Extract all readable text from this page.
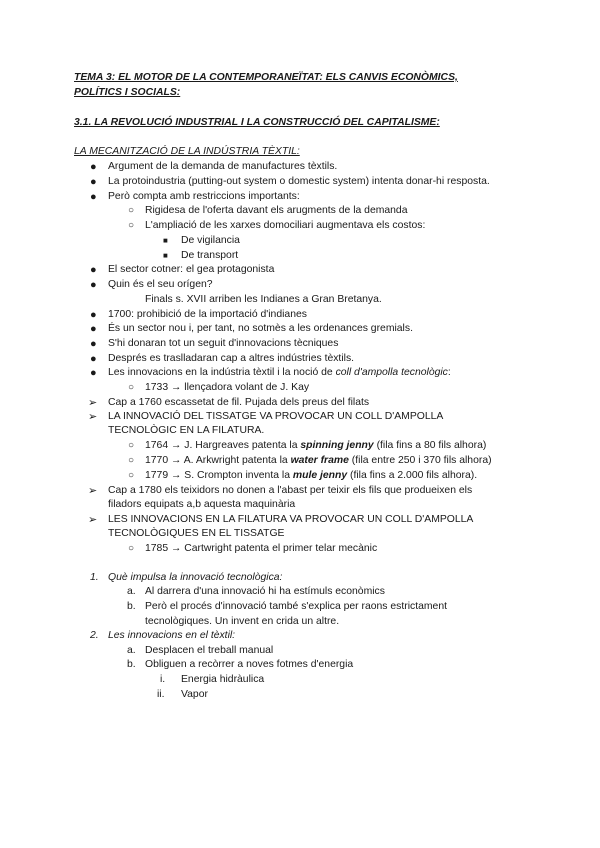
TEMA 3: EL MOTOR DE LA CONTEMPORANEÏTAT: ELS CANVIS ECONÒMICS,
POLÍTICS I SOCIALS:
3.1. LA REVOLUCIÓ INDUSTRIAL I LA CONSTRUCCIÓ DEL CAPITALISME:
LA MECANITZACIÓ DE LA INDÚSTRIA TÈXTIL:
● Argument de la demanda de manufactures tèxtils.
● La protoindustria (putting-out system o domestic system) intenta donar-hi resposta.
● Però compta amb restriccions importants:
○ Rigidesa de l'oferta davant els arugments de la demanda
○ L'ampliació de les xarxes domociliari augmentava els costos:
■ De vigilancia
■ De transport
● El sector cotner: el gea protagonista
● Quin és el seu orígen?
Finals s. XVII arriben les Indianes a Gran Bretanya.
● 1700: prohibició de la importació d'indianes
● És un sector nou i, per tant, no sotmès a les ordenances gremials.
● S'hi donaran tot un seguit d'innovacions tècniques
● Després es traslladaran cap a altres indústries tèxtils.
● Les innovacions en la indústria tèxtil i la noció de coll d'ampolla tecnològic:
○ 1733 → llençadora volant de J. Kay
➢ Cap a 1760 escassetat de fil. Pujada dels preus del filats
➢ LA INNOVACIÓ DEL TISSATGE VA PROVOCAR UN COLL D'AMPOLLA
TECNOLÒGIC EN LA FILATURA.
○ 1764 → J. Hargreaves patenta la spinning jenny (fila fins a 80 fils alhora)
○ 1770 → A. Arkwright patenta la water frame (fila entre 250 i 370 fils alhora)
○ 1779 → S. Crompton inventa la mule jenny (fila fins a 2.000 fils alhora).
➢ Cap a 1780 els teixidors no donen a l'abast per teixir els fils que produeixen els
filadors equipats a,b aquesta maquinària
➢ LES INNOVACIONS EN LA FILATURA VA PROVOCAR UN COLL D'AMPOLLA
TECNOLÒGIQUES EN EL TISSATGE
○ 1785 → Cartwright patenta el primer telar mecànic
1. Què impulsa la innovació tecnològica:
a. Al darrera d'una innovació hi ha estímuls econòmics
b. Però el procés d'innovació també s'explica per raons estrictament
tecnològiques. Un invent en crida un altre.
2. Les innovacions en el tèxtil:
a. Desplacen el treball manual
b. Obliguen a recòrrer a noves fotmes d'energia
i. Energia hidràulica
ii. Vapor
